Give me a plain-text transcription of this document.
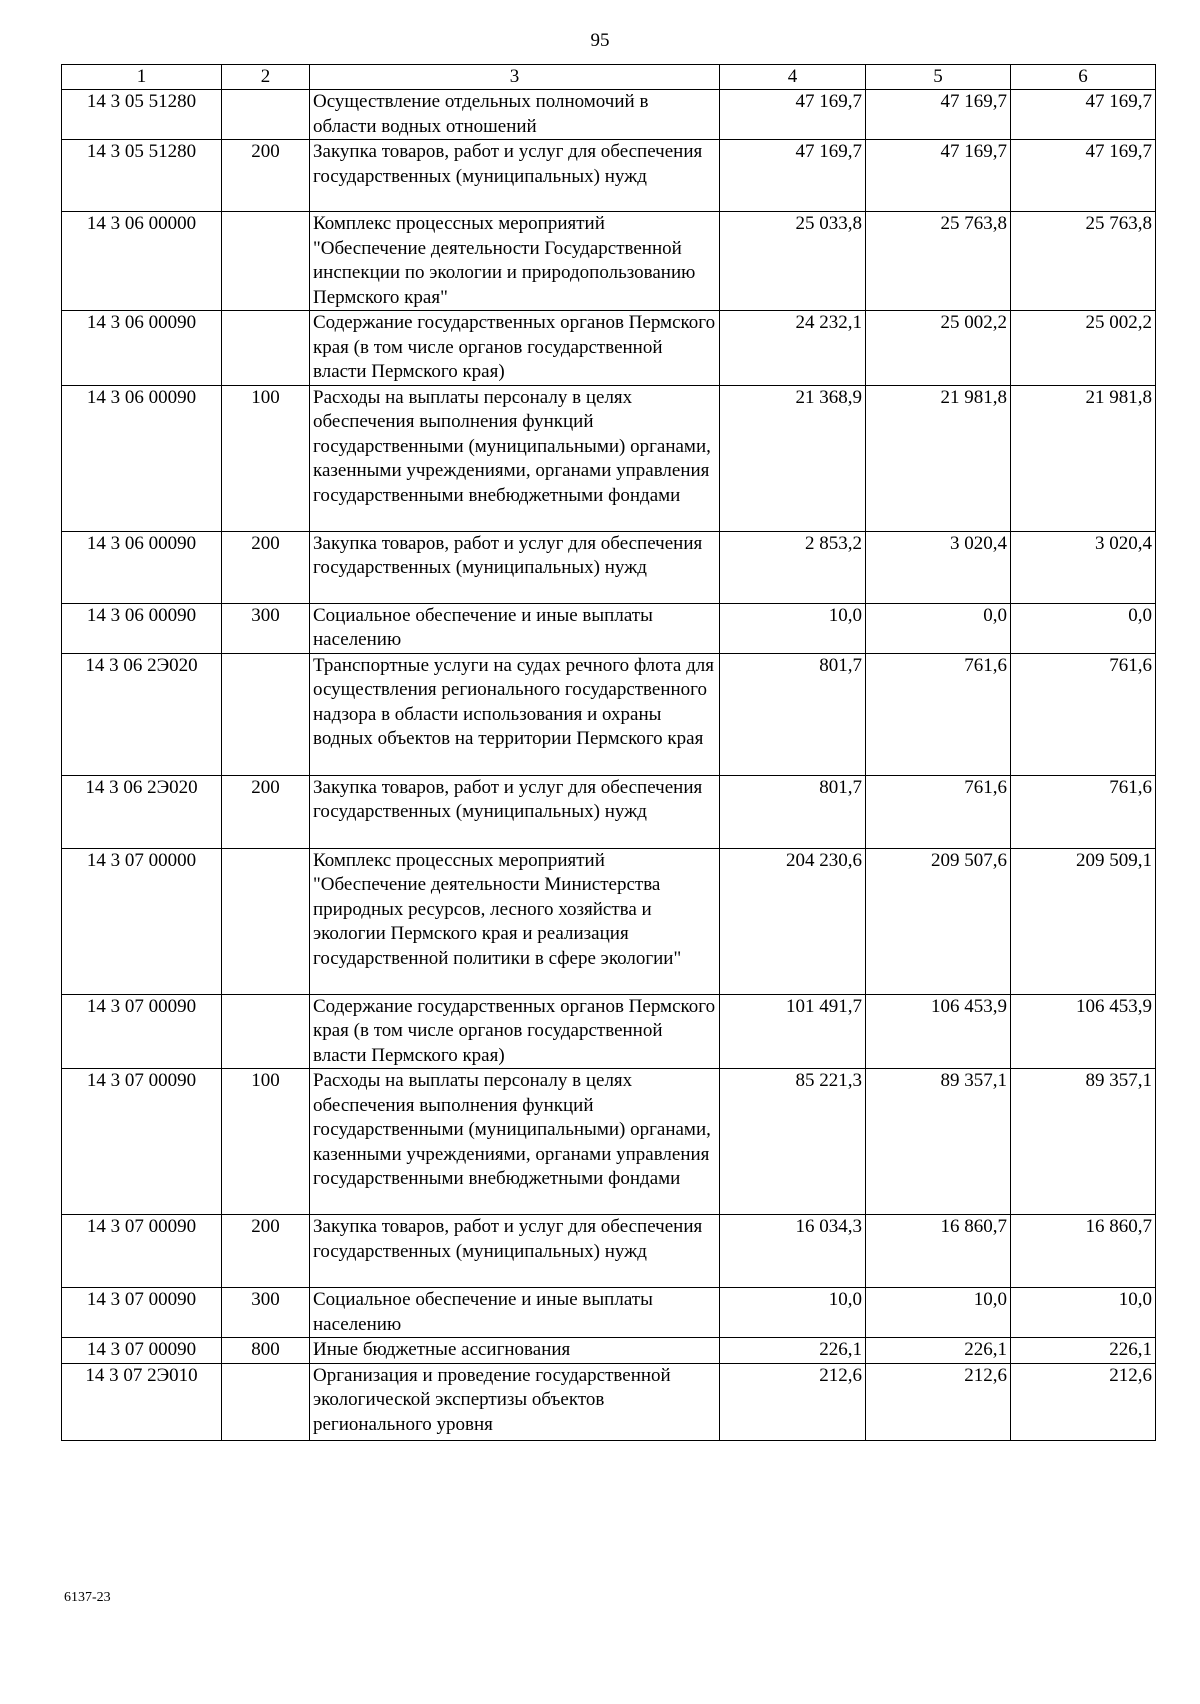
95
1	2	3	4	5	6
14 3 05 51280		Осуществление отдельных полномочий в области водных отношений	47 169,7	47 169,7	47 169,7
14 3 05 51280	200	Закупка товаров, работ и услуг для обеспечения государственных (муниципальных) нужд	47 169,7	47 169,7	47 169,7
14 3 06 00000		Комплекс процессных мероприятий "Обеспечение деятельности Государственной инспекции по экологии и природопользованию Пермского края"	25 033,8	25 763,8	25 763,8
14 3 06 00090		Содержание государственных органов Пермского края (в том числе органов государственной власти Пермского края)	24 232,1	25 002,2	25 002,2
14 3 06 00090	100	Расходы на выплаты персоналу в целях обеспечения выполнения функций государственными (муниципальными) органами, казенными учреждениями, органами управления государственными внебюджетными фондами	21 368,9	21 981,8	21 981,8
14 3 06 00090	200	Закупка товаров, работ и услуг для обеспечения государственных (муниципальных) нужд	2 853,2	3 020,4	3 020,4
14 3 06 00090	300	Социальное обеспечение и иные выплаты населению	10,0	0,0	0,0
14 3 06 2Э020		Транспортные услуги на судах речного флота для осуществления регионального государственного надзора в области использования и охраны водных объектов на территории Пермского края	801,7	761,6	761,6
14 3 06 2Э020	200	Закупка товаров, работ и услуг для обеспечения государственных (муниципальных) нужд	801,7	761,6	761,6
14 3 07 00000		Комплекс процессных мероприятий "Обеспечение деятельности Министерства природных ресурсов, лесного хозяйства и экологии Пермского края и реализация государственной политики в сфере экологии"	204 230,6	209 507,6	209 509,1
14 3 07 00090		Содержание государственных органов Пермского края (в том числе органов государственной власти Пермского края)	101 491,7	106 453,9	106 453,9
14 3 07 00090	100	Расходы на выплаты персоналу в целях обеспечения выполнения функций государственными (муниципальными) органами, казенными учреждениями, органами управления государственными внебюджетными фондами	85 221,3	89 357,1	89 357,1
14 3 07 00090	200	Закупка товаров, работ и услуг для обеспечения государственных (муниципальных) нужд	16 034,3	16 860,7	16 860,7
14 3 07 00090	300	Социальное обеспечение и иные выплаты населению	10,0	10,0	10,0
14 3 07 00090	800	Иные бюджетные ассигнования	226,1	226,1	226,1
14 3 07 2Э010		Организация и проведение государственной экологической экспертизы объектов регионального уровня	212,6	212,6	212,6
6137-23
